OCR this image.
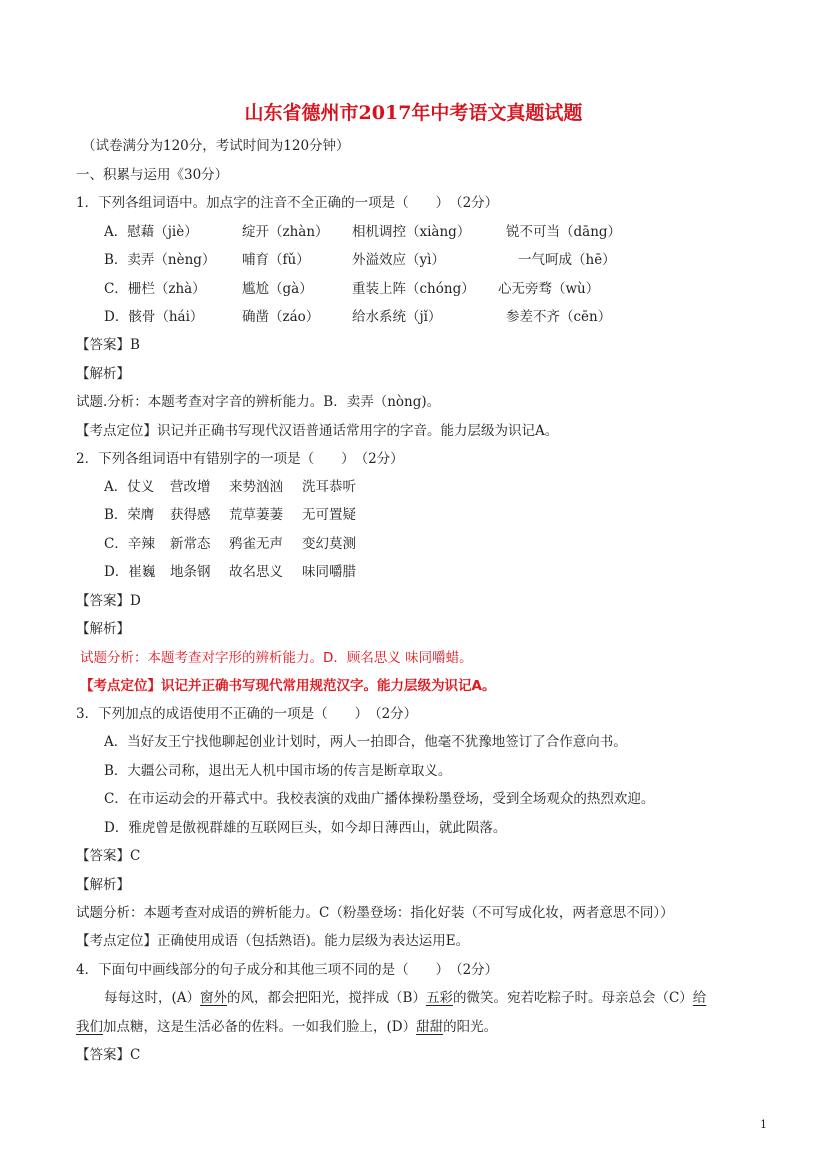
山东省德州市2017年中考语文真题试题
（试卷满分为120分，考试时间为120分钟）
一、积累与运用《30分）
1．下列各组词语中。加点字的注音不全正确的一项是（　　）　（2分）
A．慰藉（jiè）	绽开（zhàn） 相机调控（xiàng）	锐不可当（dāng）
B．卖弄（nèng） 哺育（fǔ）	外溢效应（yì）	一气呵成（hē）
C．栅栏（zhà）	尴尬（gà）	重装上阵（chóng） 心无旁骛（wù）
D．骸骨（hái）	确凿（záo） 给水系统（jǐ）	参差不齐（cēn）
【答案】B
【解析】
试题.分析：本题考查对字音的辨析能力。B．卖弄（nòng)。
【考点定位】识记并正确书写现代汉语普通话常用字的字音。能力层级为识记A。
2．下列各组词语中有错别字的一项是（　　）　（2分）
A．仗义 营改增 来势汹汹 洗耳恭听
B．荣膺 获得感 荒草萋萋 无可置疑
C．辛辣 新常态 鸦雀无声 变幻莫测
D．崔巍 地条钢 故名思义 味同嚼腊
【答案】D
【解析】
试题分析：本题考查对字形的辨析能力。D．顾名思义 味同嚼蜡。
【考点定位】识记并正确书写现代常用规范汉字。能力层级为识记A。
3．下列加点的成语使用不正确的一项是（　　）　（2分）
A．当好友王宁找他聊起创业计划时，两人一拍即合，他毫不犹豫地签订了合作意向书。
B．大疆公司称，退出无人机中国市场的传言是断章取义。
C．在市运动会的开幕式中。我校表演的戏曲广播体操粉墨登场，受到全场观众的热烈欢迎。
D．雅虎曾是傲视群雄的互联网巨头，如今却日薄西山，就此陨落。
【答案】C
【解析】
试题分析：本题考查对成语的辨析能力。C（粉墨登场：指化好装（不可写成化妆，两者意思不同））
【考点定位】正确使用成语（包括熟语)。能力层级为表达运用E。
4．下面句中画线部分的句子成分和其他三项不同的是（　　）　（2分）
每每这时，(A）窗外的风，都会把阳光，搅拌成（B）五彩的微笑。宛若吃粽子时。母亲总会（C）给
我们加点糖，这是生活必备的佐料。一如我们脸上，(D）甜甜的阳光。
【答案】C
1
